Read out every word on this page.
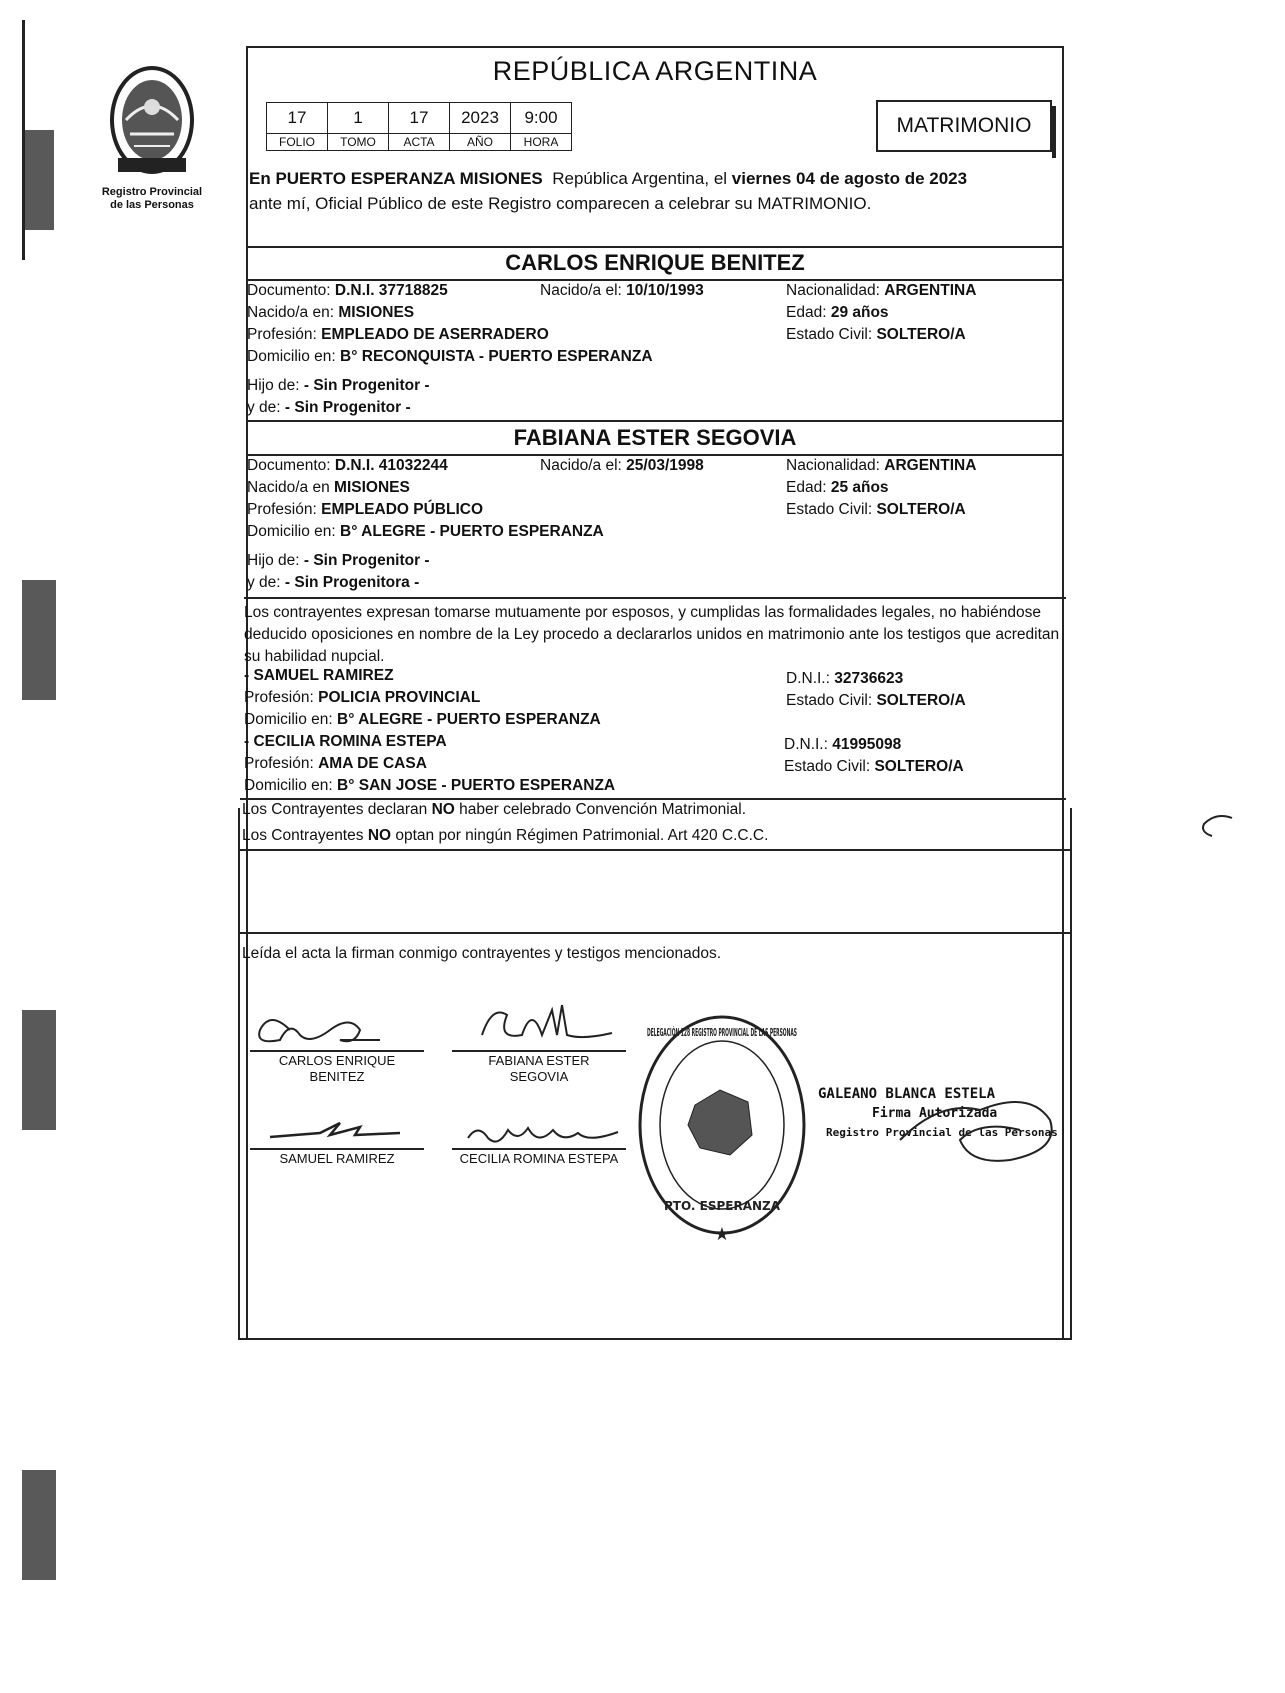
Registro Provincial
de las Personas
REPÚBLICA ARGENTINA
17	1	17	2023	9:00
FOLIO	TOMO	ACTA	AÑO	HORA
MATRIMONIO
En PUERTO ESPERANZA MISIONES República Argentina, el viernes 04 de agosto de 2023
ante mí, Oficial Público de este Registro comparecen a celebrar su MATRIMONIO.
CARLOS ENRIQUE BENITEZ
Documento: D.N.I. 37718825	Nacido/a el: 10/10/1993	Nacionalidad: ARGENTINA
Nacido/a en: MISIONES	Edad: 29 años
Profesión: EMPLEADO DE ASERRADERO	Estado Civil: SOLTERO/A
Domicilio en: B° RECONQUISTA - PUERTO ESPERANZA
Hijo de: - Sin Progenitor -
y de: - Sin Progenitor -
FABIANA ESTER SEGOVIA
Documento: D.N.I. 41032244	Nacido/a el: 25/03/1998	Nacionalidad: ARGENTINA
Nacido/a en MISIONES	Edad: 25 años
Profesión: EMPLEADO PÚBLICO	Estado Civil: SOLTERO/A
Domicilio en: B° ALEGRE - PUERTO ESPERANZA
Hijo de: - Sin Progenitor -
y de: - Sin Progenitora -
Los contrayentes expresan tomarse mutuamente por esposos, y cumplidas las formalidades legales, no habiéndose deducido oposiciones en nombre de la Ley procedo a declararlos unidos en matrimonio ante los testigos que acreditan su habilidad nupcial.
- SAMUEL RAMIREZ	D.N.I.: 32736623
Profesión: POLICIA PROVINCIAL	Estado Civil: SOLTERO/A
Domicilio en: B° ALEGRE - PUERTO ESPERANZA
- CECILIA ROMINA ESTEPA	D.N.I.: 41995098
Profesión: AMA DE CASA	Estado Civil: SOLTERO/A
Domicilio en: B° SAN JOSE - PUERTO ESPERANZA
Los Contrayentes declaran NO haber celebrado Convención Matrimonial.
Los Contrayentes NO optan por ningún Régimen Patrimonial. Art 420 C.C.C.
Leída el acta la firman conmigo contrayentes y testigos mencionados.
CARLOS ENRIQUE
BENITEZ
FABIANA ESTER
SEGOVIA
SAMUEL RAMIREZ	CECILIA ROMINA ESTEPA
DELEGACIÓN 128 REGISTRO PROVINCIAL DE LAS PERSONAS
PTO. ESPERANZA
★
GALEANO BLANCA ESTELA
Firma Autorizada
Registro Provincial de las Personas
